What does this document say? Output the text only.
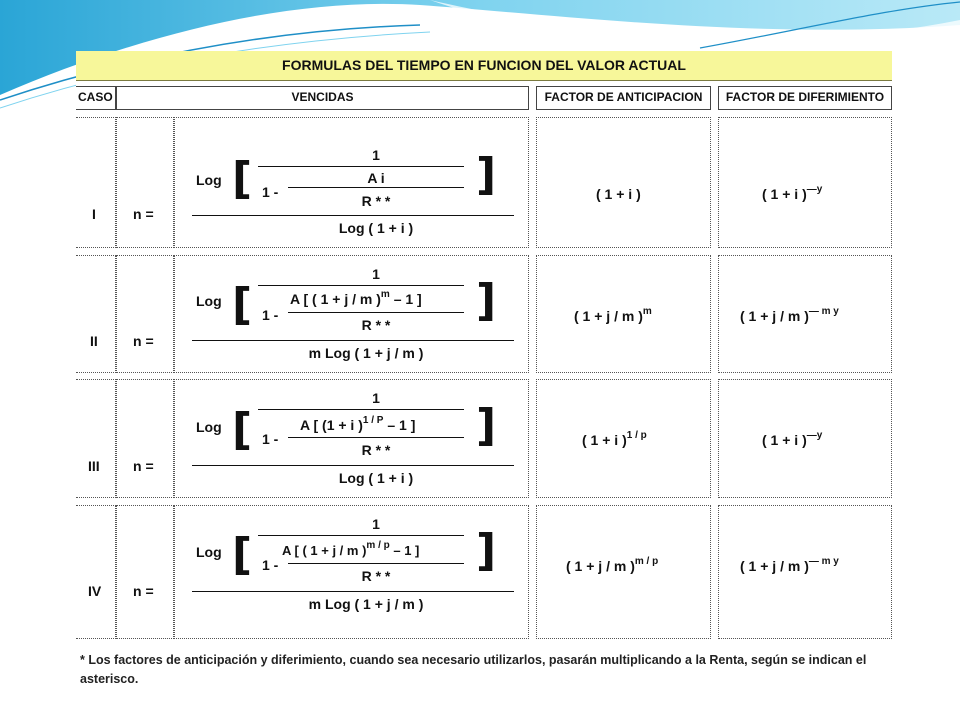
FORMULAS DEL TIEMPO EN FUNCION DEL VALOR ACTUAL
CASO	VENCIDAS	FACTOR DE ANTICIPACION	FACTOR DE DIFERIMIENTO
I	n =
Log [	]
1
1 -
A i
R * *
Log ( 1 + i )
( 1 + i )	( 1 + i )$^{—y}$
II	n =
Log [	]
1
1 -
A [ ( 1 + j / m )$^m$ – 1 ]
R * *
m Log ( 1 + j / m )
( 1 + j / m )$^m$	( 1 + j / m )$^{— m y}$
III n =
Log [	]
1
1 -
A [ (1 + i )$^{1 / P}$ – 1 ]
R * *
Log ( 1 + i )
( 1 + i )$^{1 / p}$	( 1 + i )$^{—y}$
IV n =
Log [	]
1
1 -
A [ ( 1 + j / m )$^{m / p}$ – 1 ]
R * *
m Log ( 1 + j / m )
( 1 + j / m )$^{m / p}$	( 1 + j / m )$^{— m y}$
* Los factores de anticipación y diferimiento, cuando sea necesario utilizarlos, pasarán multiplicando a la Renta, según se indican el asterisco.
